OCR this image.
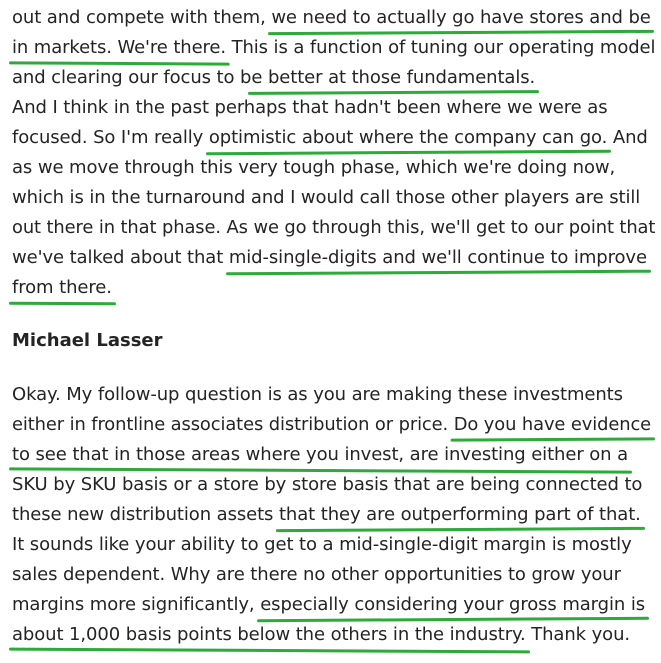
out and compete with them, we need to actually go have stores and be
in markets. We're there. This is a function of tuning our operating model
and clearing our focus to be better at those fundamentals.
And I think in the past perhaps that hadn't been where we were as
focused. So I'm really optimistic about where the company can go. And
as we move through this very tough phase, which we're doing now,
which is in the turnaround and I would call those other players are still
out there in that phase. As we go through this, we'll get to our point that
we've talked about that mid-single-digits and we'll continue to improve
from there.
Michael Lasser
Okay. My follow-up question is as you are making these investments
either in frontline associates distribution or price. Do you have evidence
to see that in those areas where you invest, are investing either on a
SKU by SKU basis or a store by store basis that are being connected to
these new distribution assets that they are outperforming part of that.
It sounds like your ability to get to a mid-single-digit margin is mostly
sales dependent. Why are there no other opportunities to grow your
margins more significantly, especially considering your gross margin is
about 1,000 basis points below the others in the industry. Thank you.
